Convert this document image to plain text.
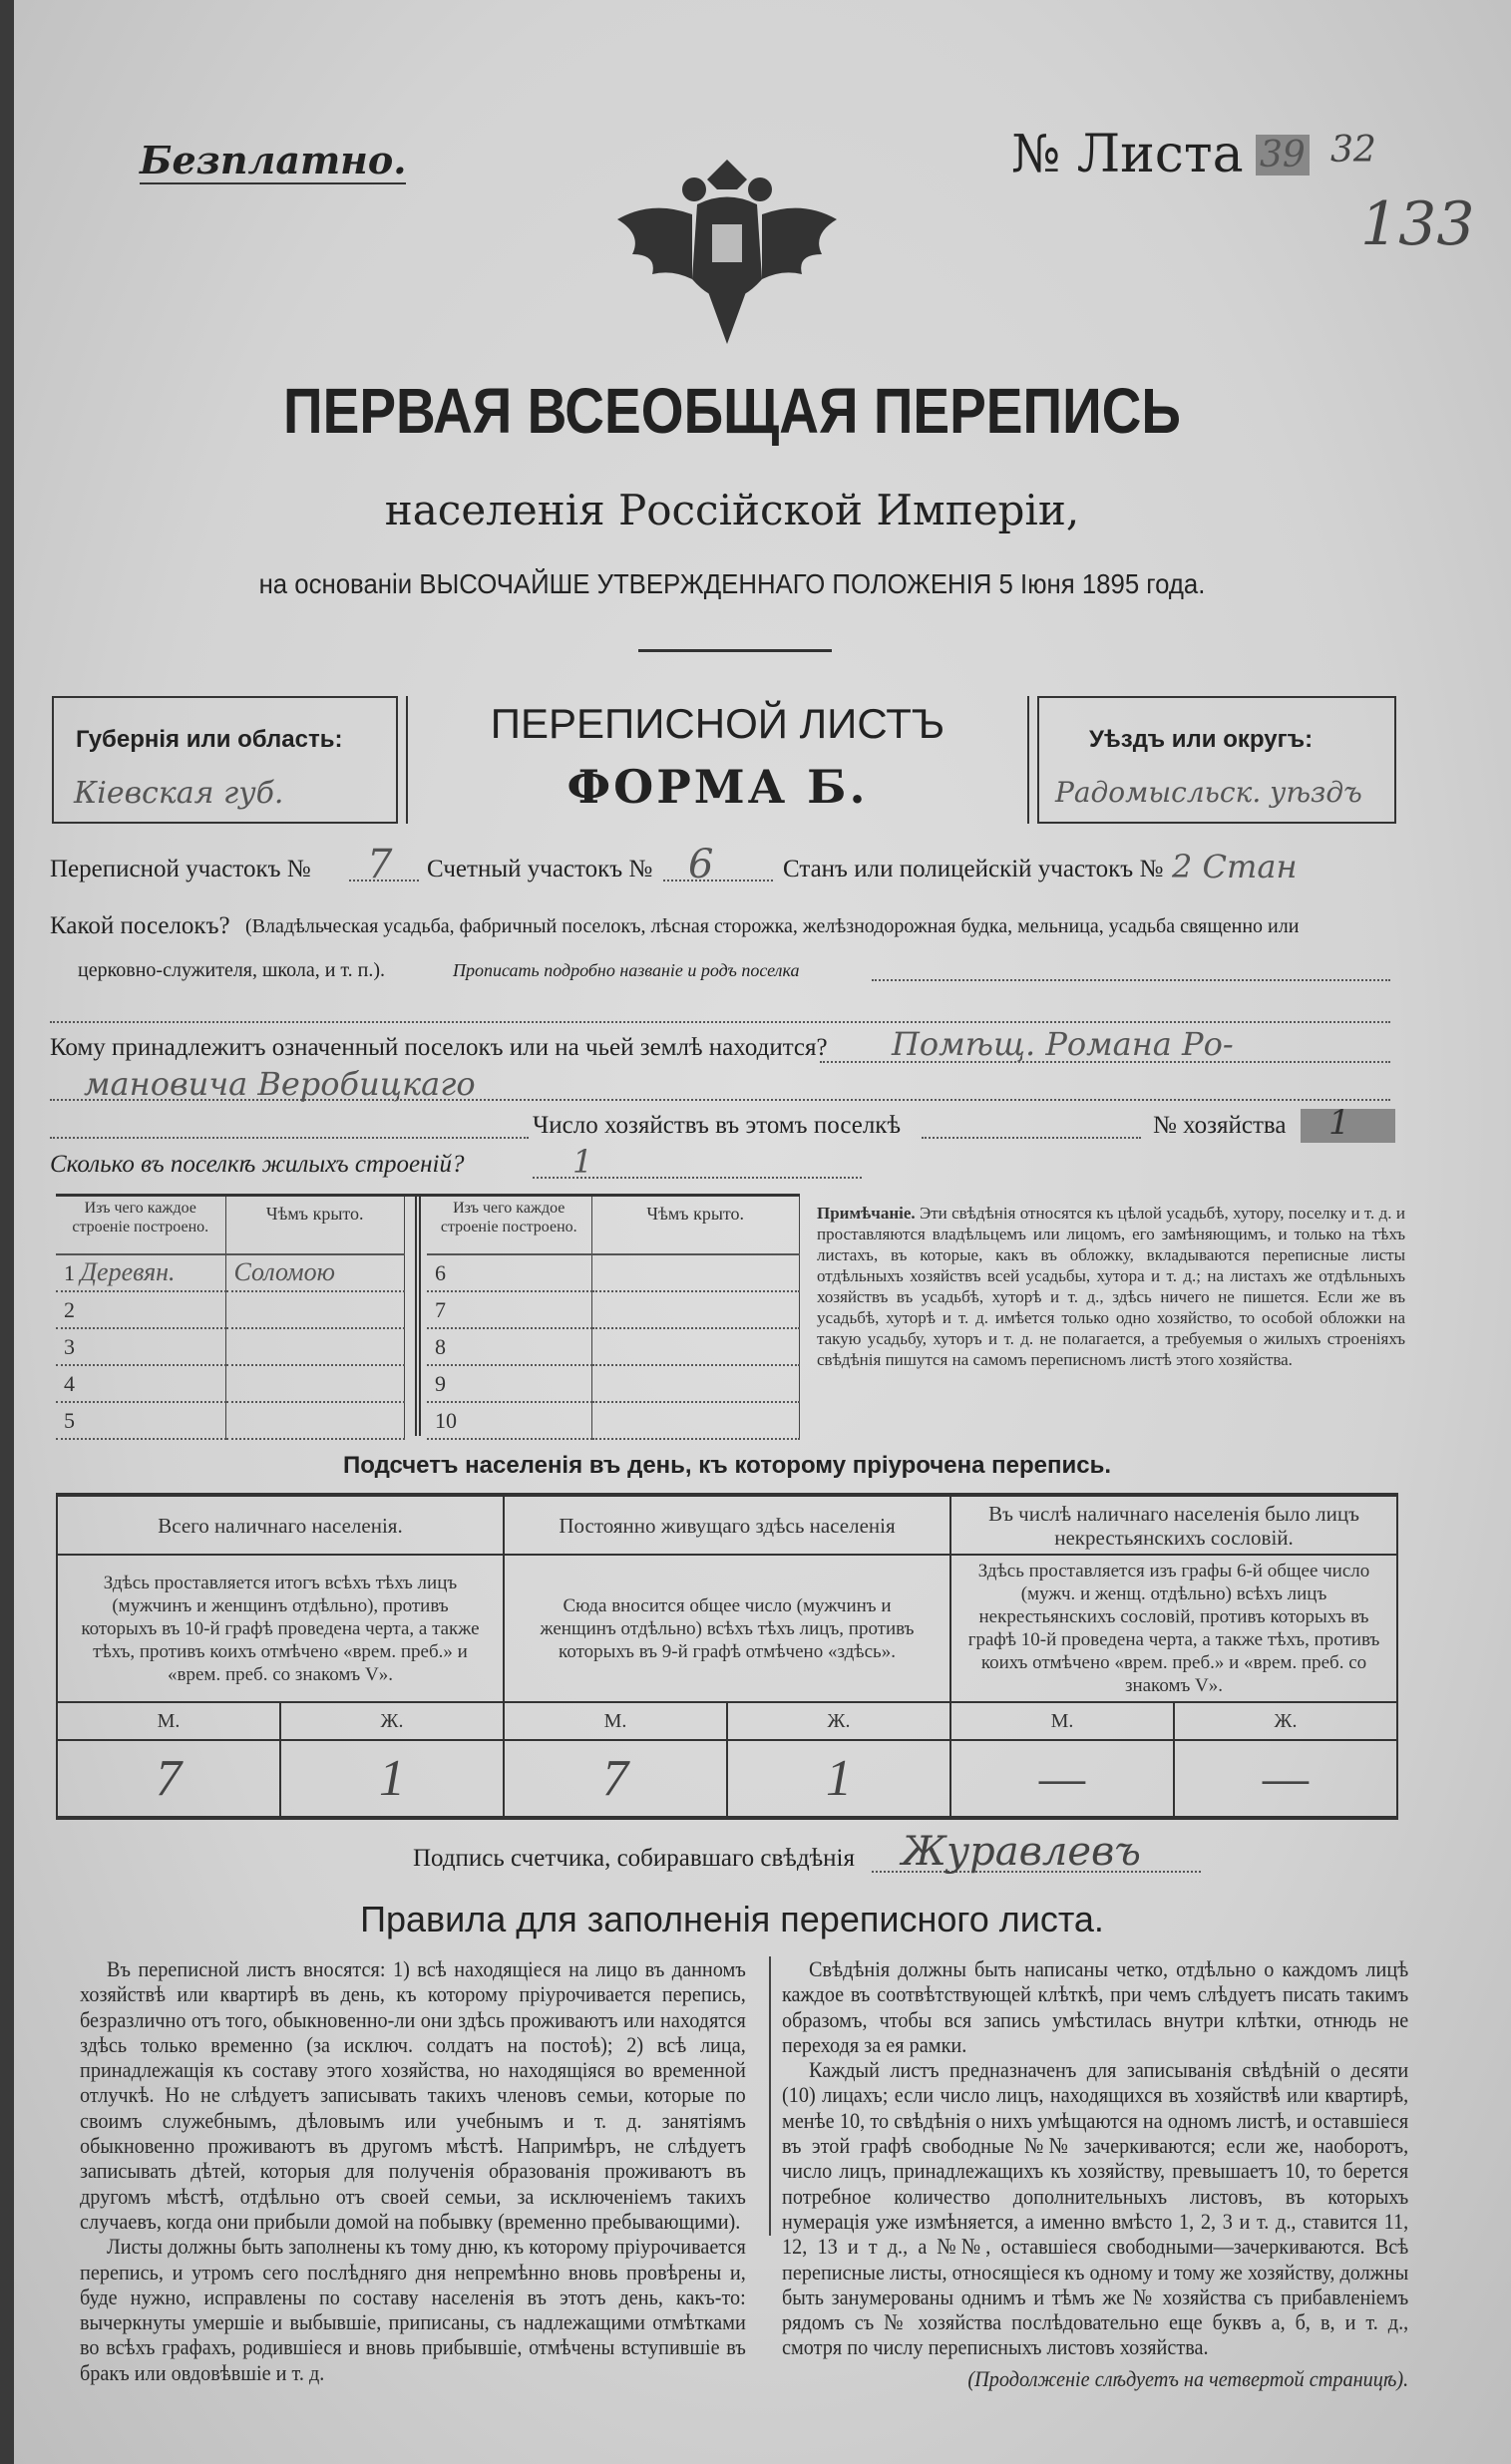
Безплатно.	№ Листа 39 32
133
ПЕРВАЯ ВСЕОБЩАЯ ПЕРЕПИСЬ
населенія Россійской Имперіи,
на основаніи ВЫСОЧАЙШЕ УТВЕРЖДЕННАГО ПОЛОЖЕНІЯ 5 Іюня 1895 года.
Губернія или область:
Кіевская губ.
ПЕРЕПИСНОЙ ЛИСТЪ
ФОРМА Б.
Уѣздъ или округъ:
Радомысльск. уѣздъ
Переписной участокъ № 7 Счетный участокъ № 6	Станъ или полицейскій участокъ № 2 Стан
Какой поселокъ? (Владѣльческая усадьба, фабричный поселокъ, лѣсная сторожка, желѣзнодорожная будка, мельница, усадьба священно или
церковно-служителя, школа, и т. п.).	Прописать подробно названіе и родъ поселка
Кому принадлежитъ означенный поселокъ или на чьей землѣ находится? Помѣщ. Романа Ро-
мановича Веробицкаго
Число хозяйствъ въ этомъ поселкѣ	№ хозяйства 1
Сколько въ поселкѣ жилыхъ строеній?	1
Изъ чего каждое строеніе построено.	Чѣмъ крыто.
1 Деревян.	Соломою
2	
3	
4	
5	
Изъ чего каждое строеніе построено.	Чѣмъ крыто.
6	
7	
8	
9	
10	
Примѣчаніе. Эти свѣдѣнія относятся къ цѣлой усадьбѣ, хутору, поселку и т. д. и проставляются владѣльцемъ или лицомъ, его замѣняющимъ, и только на тѣхъ листахъ, въ которые, какъ въ обложку, вкладываются переписные листы отдѣльныхъ хозяйствъ всей усадьбы, хутора и т. д.; на листахъ же отдѣльныхъ хозяйствъ въ усадьбѣ, хуторѣ и т. д., здѣсь ничего не пишется. Если же въ усадьбѣ, хуторѣ и т. д. имѣется только одно хозяйство, то особой обложки на такую усадьбу, хуторъ и т. д. не полагается, а требуемыя о жилыхъ строеніяхъ свѣдѣнія пишутся на самомъ переписномъ листѣ этого хозяйства.
Подсчетъ населенія въ день, къ которому пріурочена перепись.
Всего наличнаго населенія.		Постоянно живущаго здѣсь населенія		Въ числѣ наличнаго населенія было лицъ некрестьянскихъ сословій.	
Здѣсь проставляется итогъ всѣхъ тѣхъ лицъ (мужчинъ и женщинъ отдѣльно), противъ которыхъ въ 10-й графѣ проведена черта, а также тѣхъ, противъ коихъ отмѣчено «врем. преб.» и «врем. преб. со знакомъ V».		Сюда вносится общее число (мужчинъ и женщинъ отдѣльно) всѣхъ тѣхъ лицъ, противъ которыхъ въ 9-й графѣ отмѣчено «здѣсь».		Здѣсь проставляется изъ графы 6-й общее число (мужч. и женщ. отдѣльно) всѣхъ лицъ некрестьянскихъ сословій, противъ которыхъ въ графѣ 10-й проведена черта, а также тѣхъ, противъ коихъ отмѣчено «врем. преб.» и «врем. преб. со знакомъ V».	
М.	Ж.	М.	Ж.	М.	Ж.
7	1	7	1	—	—
Подпись счетчика, собиравшаго свѣдѣнія Журавлевъ
Правила для заполненія переписного листа.

Въ переписной листъ вносятся: 1) всѣ находящіеся на лицо въ данномъ хозяйствѣ или квартирѣ въ день, къ которому пріурочивается перепись, безразлично отъ того, обыкновенно-ли они здѣсь проживаютъ или находятся здѣсь только временно (за исключ. солдатъ на постоѣ); 2) всѣ лица, принадлежащія къ составу этого хозяйства, но находящіяся во временной отлучкѣ. Но не слѣдуетъ записывать такихъ членовъ семьи, которые по своимъ служебнымъ, дѣловымъ или учебнымъ и т. д. занятіямъ обыкновенно проживаютъ въ другомъ мѣстѣ. Напримѣръ, не слѣдуетъ записывать дѣтей, которыя для полученія образованія проживаютъ въ другомъ мѣстѣ, отдѣльно отъ своей семьи, за исключеніемъ такихъ случаевъ, когда они прибыли домой на побывку (временно пребывающими).

Листы должны быть заполнены къ тому дню, къ которому пріурочивается перепись, и утромъ сего послѣдняго дня непремѣнно вновь провѣрены и, буде нужно, исправлены по составу населенія въ этотъ день, какъ-то: вычеркнуты умершіе и выбывшіе, приписаны, съ надлежащими отмѣтками во всѣхъ графахъ, родившіеся и вновь прибывшіе, отмѣчены вступившіе въ бракъ или овдовѣвшіе и т. д.

Свѣдѣнія должны быть написаны четко, отдѣльно о каждомъ лицѣ каждое въ соотвѣтствующей клѣткѣ, при чемъ слѣдуетъ писать такимъ образомъ, чтобы вся запись умѣстилась внутри клѣтки, отнюдь не переходя за ея рамки.

Каждый листъ предназначенъ для записыванія свѣдѣній о десяти (10) лицахъ; если число лицъ, находящихся въ хозяйствѣ или квартирѣ, менѣе 10, то свѣдѣнія о нихъ умѣщаются на одномъ листѣ, и оставшіеся въ этой графѣ свободные №№ зачеркиваются; если же, наоборотъ, число лицъ, принадлежащихъ къ хозяйству, превышаетъ 10, то берется потребное количество дополнительныхъ листовъ, въ которыхъ нумерація уже измѣняется, а именно вмѣсто 1, 2, 3 и т. д., ставится 11, 12, 13 и т д., а №№, оставшіеся свободными—зачеркиваются. Всѣ переписные листы, относящіеся къ одному и тому же хозяйству, должны быть занумерованы однимъ и тѣмъ же № хозяйства съ прибавленіемъ рядомъ съ № хозяйства послѣдовательно еще буквъ а, б, в, и т. д., смотря по числу переписныхъ листовъ хозяйства.

(Продолженіе слѣдуетъ на четвертой страницѣ).
